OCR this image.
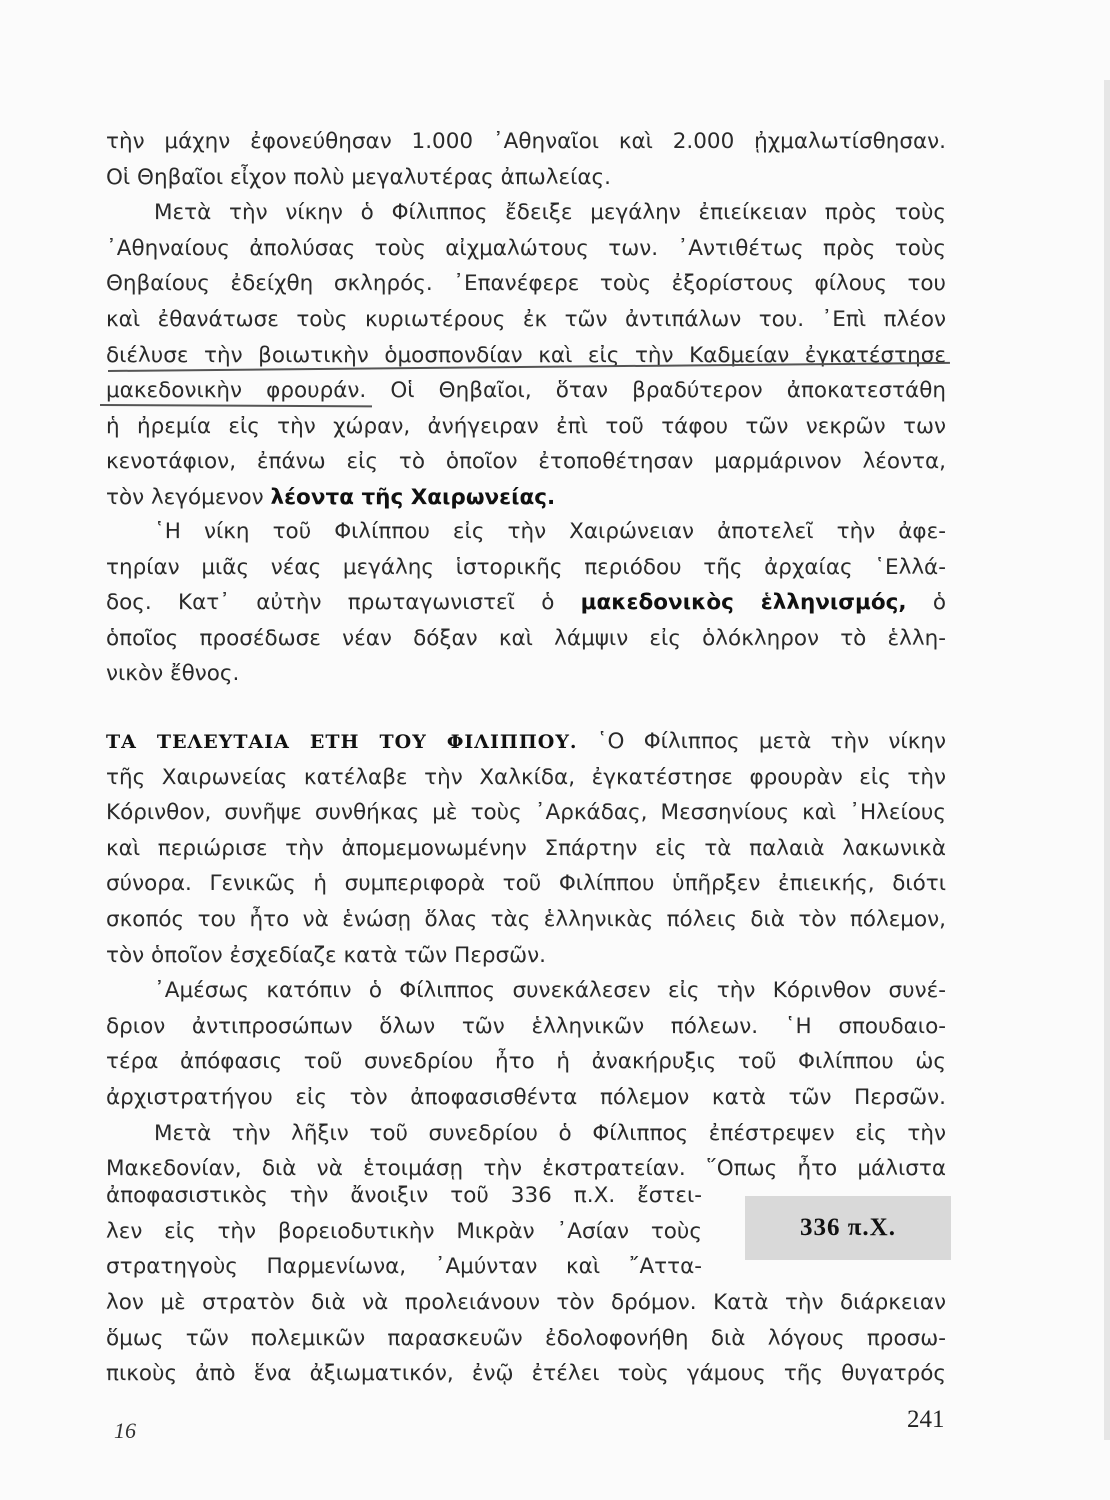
τὴν μάχην ἐφονεύθησαν 1.000 ᾿Αθηναῖοι καὶ 2.000 ᾐχμαλωτίσθησαν.
Οἱ Θηβαῖοι εἶχον πολὺ μεγαλυτέρας ἀπωλείας.
Μετὰ τὴν νίκην ὁ Φίλιππος ἔδειξε μεγάλην ἐπιείκειαν πρὸς τοὺς
᾿Αθηναίους ἀπολύσας τοὺς αἰχμαλώτους των. ᾿Αντιθέτως πρὸς τοὺς
Θηβαίους ἐδείχθη σκληρός. ᾿Επανέφερε τοὺς ἐξορίστους φίλους του
καὶ ἐθανάτωσε τοὺς κυριωτέρους ἐκ τῶν ἀντιπάλων του. ᾿Επὶ πλέον
διέλυσε τὴν βοιωτικὴν ὁμοσπονδίαν καὶ εἰς τὴν Καδμείαν ἐγκατέστησε
μακεδονικὴν φρουράν. Οἱ Θηβαῖοι, ὅταν βραδύτερον ἀποκατεστάθη
ἡ ἠρεμία εἰς τὴν χώραν, ἀνήγειραν ἐπὶ τοῦ τάφου τῶν νεκρῶν των
κενοτάφιον, ἐπάνω εἰς τὸ ὁποῖον ἐτοποθέτησαν μαρμάρινον λέοντα,
τὸν λεγόμενον λέοντα τῆς Χαιρωνείας.
῾Η νίκη τοῦ Φιλίππου εἰς τὴν Χαιρώνειαν ἀποτελεῖ τὴν ἀφε-
τηρίαν μιᾶς νέας μεγάλης ἱστορικῆς περιόδου τῆς ἀρχαίας ῾Ελλά-
δος. Κατ᾿ αὐτὴν πρωταγωνιστεῖ ὁ μακεδονικὸς ἑλληνισμός, ὁ
ὁποῖος προσέδωσε νέαν δόξαν καὶ λάμψιν εἰς ὁλόκληρον τὸ ἑλλη-
νικὸν ἔθνος.
ΤΑ ΤΕΛΕΥΤΑΙΑ ΕΤΗ ΤΟΥ ΦΙΛΙΠΠΟΥ. ῾Ο Φίλιππος μετὰ τὴν νίκην
τῆς Χαιρωνείας κατέλαβε τὴν Χαλκίδα, ἐγκατέστησε φρουρὰν εἰς τὴν
Κόρινθον, συνῆψε συνθήκας μὲ τοὺς ᾿Αρκάδας, Μεσσηνίους καὶ ᾿Ηλείους
καὶ περιώρισε τὴν ἀπομεμονωμένην Σπάρτην εἰς τὰ παλαιὰ λακωνικὰ
σύνορα. Γενικῶς ἡ συμπεριφορὰ τοῦ Φιλίππου ὑπῆρξεν ἐπιεικής, διότι
σκοπός του ἦτο νὰ ἑνώσῃ ὅλας τὰς ἑλληνικὰς πόλεις διὰ τὸν πόλεμον,
τὸν ὁποῖον ἐσχεδίαζε κατὰ τῶν Περσῶν.
᾿Αμέσως κατόπιν ὁ Φίλιππος συνεκάλεσεν εἰς τὴν Κόρινθον συνέ-
δριον ἀντιπροσώπων ὅλων τῶν ἑλληνικῶν πόλεων. ῾Η σπουδαιο-
τέρα ἀπόφασις τοῦ συνεδρίου ἦτο ἡ ἀνακήρυξις τοῦ Φιλίππου ὡς
ἀρχιστρατήγου εἰς τὸν ἀποφασισθέντα πόλεμον κατὰ τῶν Περσῶν.
Μετὰ τὴν λῆξιν τοῦ συνεδρίου ὁ Φίλιππος ἐπέστρεψεν εἰς τὴν
Μακεδονίαν, διὰ νὰ ἑτοιμάσῃ τὴν ἐκστρατείαν. ῞Οπως ἦτο μάλιστα
ἀποφασιστικὸς τὴν ἄνοιξιν τοῦ 336 π.Χ. ἔστει-
λεν εἰς τὴν βορειοδυτικὴν Μικρὰν ᾿Ασίαν τοὺς
στρατηγοὺς Παρμενίωνα, ᾿Αμύνταν καὶ ῎Αττα-
336 π.Χ.
λον μὲ στρατὸν διὰ νὰ προλειάνουν τὸν δρόμον. Κατὰ τὴν διάρκειαν
ὅμως τῶν πολεμικῶν παρασκευῶν ἐδολοφονήθη διὰ λόγους προσω-
πικοὺς ἀπὸ ἕνα ἀξιωματικόν, ἐνῷ ἐτέλει τοὺς γάμους τῆς θυγατρός
16	241
